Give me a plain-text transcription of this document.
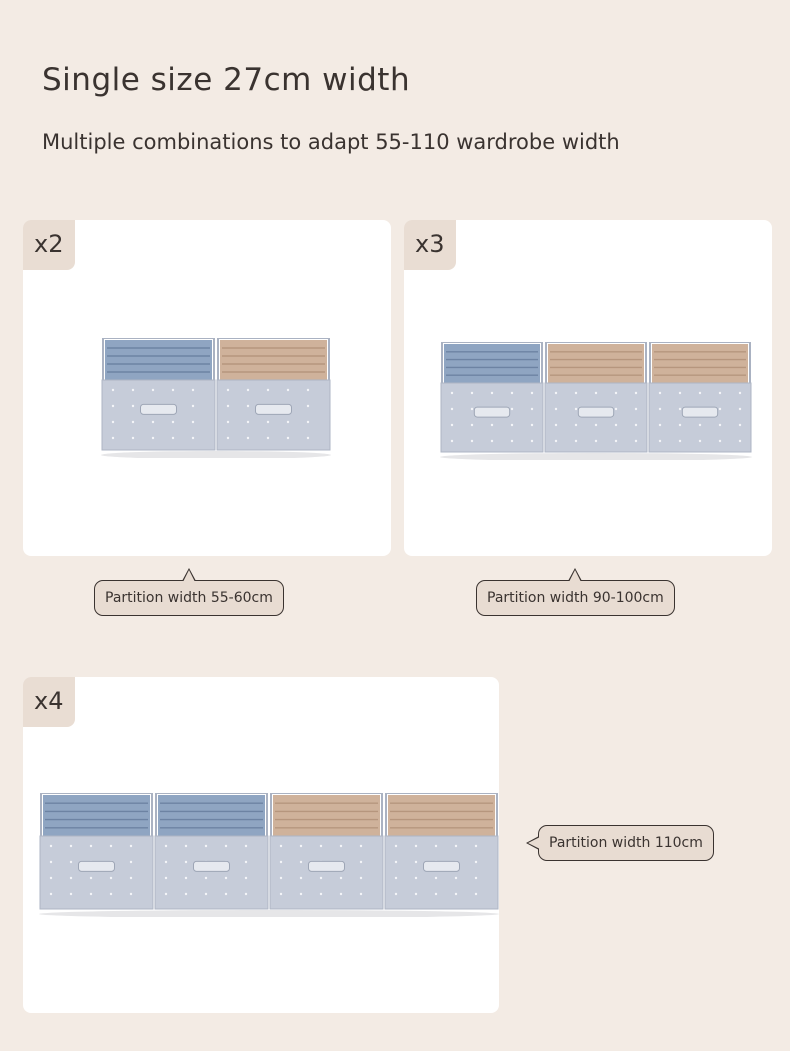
Single size 27cm width
Multiple combinations to adapt 55-110 wardrobe width
x2	x3
x4
Partition width 55-60cm	Partition width 90-100cm
Partition width 110cm
